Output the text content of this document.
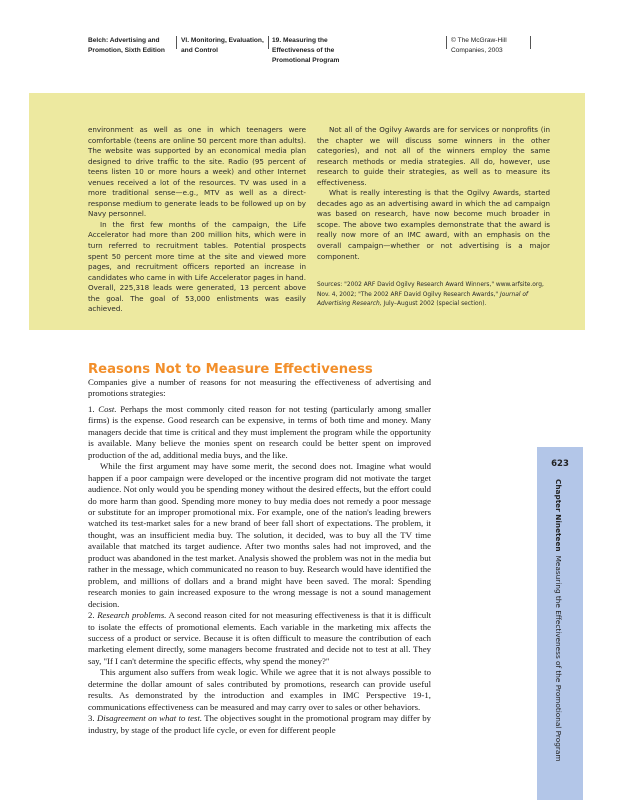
Belch: Advertising and
Promotion, Sixth Edition
VI. Monitoring, Evaluation,
and Control
19. Measuring the
Effectiveness of the
Promotional Program
© The McGraw-Hill
Companies, 2003

environment as well as one in which teenagers were comfortable (teens are online 50 percent more than adults). The website was supported by an economical media plan designed to drive traffic to the site. Radio (95 percent of teens listen 10 or more hours a week) and other Internet venues received a lot of the resources. TV was used in a more traditional sense—e.g., MTV as well as a direct-response medium to generate leads to be followed up on by Navy personnel.

In the first few months of the campaign, the Life Accelerator had more than 200 million hits, which were in turn referred to recruitment tables. Potential prospects spent 50 percent more time at the site and viewed more pages, and recruitment officers reported an increase in candidates who came in with Life Accelerator pages in hand. Overall, 225,318 leads were generated, 13 percent above the goal. The goal of 53,000 enlistments was easily achieved.

Not all of the Ogilvy Awards are for services or nonprofits (in the chapter we will discuss some winners in the other categories), and not all of the winners employ the same research methods or media strategies. All do, however, use research to guide their strategies, as well as to measure its effectiveness.

What is really interesting is that the Ogilvy Awards, started decades ago as an advertising award in which the ad campaign was based on research, have now become much broader in scope. The above two examples demonstrate that the award is really now more of an IMC award, with an emphasis on the overall campaign—whether or not advertising is a major component.

Sources: "2002 ARF David Ogilvy Research Award Winners," www.arfsite.org, Nov. 4, 2002; "The 2002 ARF David Ogilvy Research Awards," Journal of Advertising Research, July–August 2002 (special section).
Reasons Not to Measure Effectiveness

Companies give a number of reasons for not measuring the effectiveness of advertising and promotions strategies:

1. Cost. Perhaps the most commonly cited reason for not testing (particularly among smaller firms) is the expense. Good research can be expensive, in terms of both time and money. Many managers decide that time is critical and they must implement the program while the opportunity is available. Many believe the monies spent on research could be better spent on improved production of the ad, additional media buys, and the like.

While the first argument may have some merit, the second does not. Imagine what would happen if a poor campaign were developed or the incentive program did not motivate the target audience. Not only would you be spending money without the desired effects, but the effort could do more harm than good. Spending more money to buy media does not remedy a poor message or substitute for an improper promotional mix. For example, one of the nation's leading brewers watched its test-market sales for a new brand of beer fall short of expectations. The problem, it thought, was an insufficient media buy. The solution, it decided, was to buy all the TV time available that matched its target audience. After two months sales had not improved, and the product was abandoned in the test market. Analysis showed the problem was not in the media but rather in the message, which communicated no reason to buy. Research would have identified the problem, and millions of dollars and a brand might have been saved. The moral: Spending research monies to gain increased exposure to the wrong message is not a sound management decision.

2. Research problems. A second reason cited for not measuring effectiveness is that it is difficult to isolate the effects of promotional elements. Each variable in the marketing mix affects the success of a product or service. Because it is often difficult to measure the contribution of each marketing element directly, some managers become frustrated and decide not to test at all. They say, "If I can't determine the specific effects, why spend the money?"

This argument also suffers from weak logic. While we agree that it is not always possible to determine the dollar amount of sales contributed by promotions, research can provide useful results. As demonstrated by the introduction and examples in IMC Perspective 19-1, communications effectiveness can be measured and may carry over to sales or other behaviors.

3. Disagreement on what to test. The objectives sought in the promotional program may differ by industry, by stage of the product life cycle, or even for different people

623
Chapter NineteenMeasuring the Effectiveness of the Promotional Program
